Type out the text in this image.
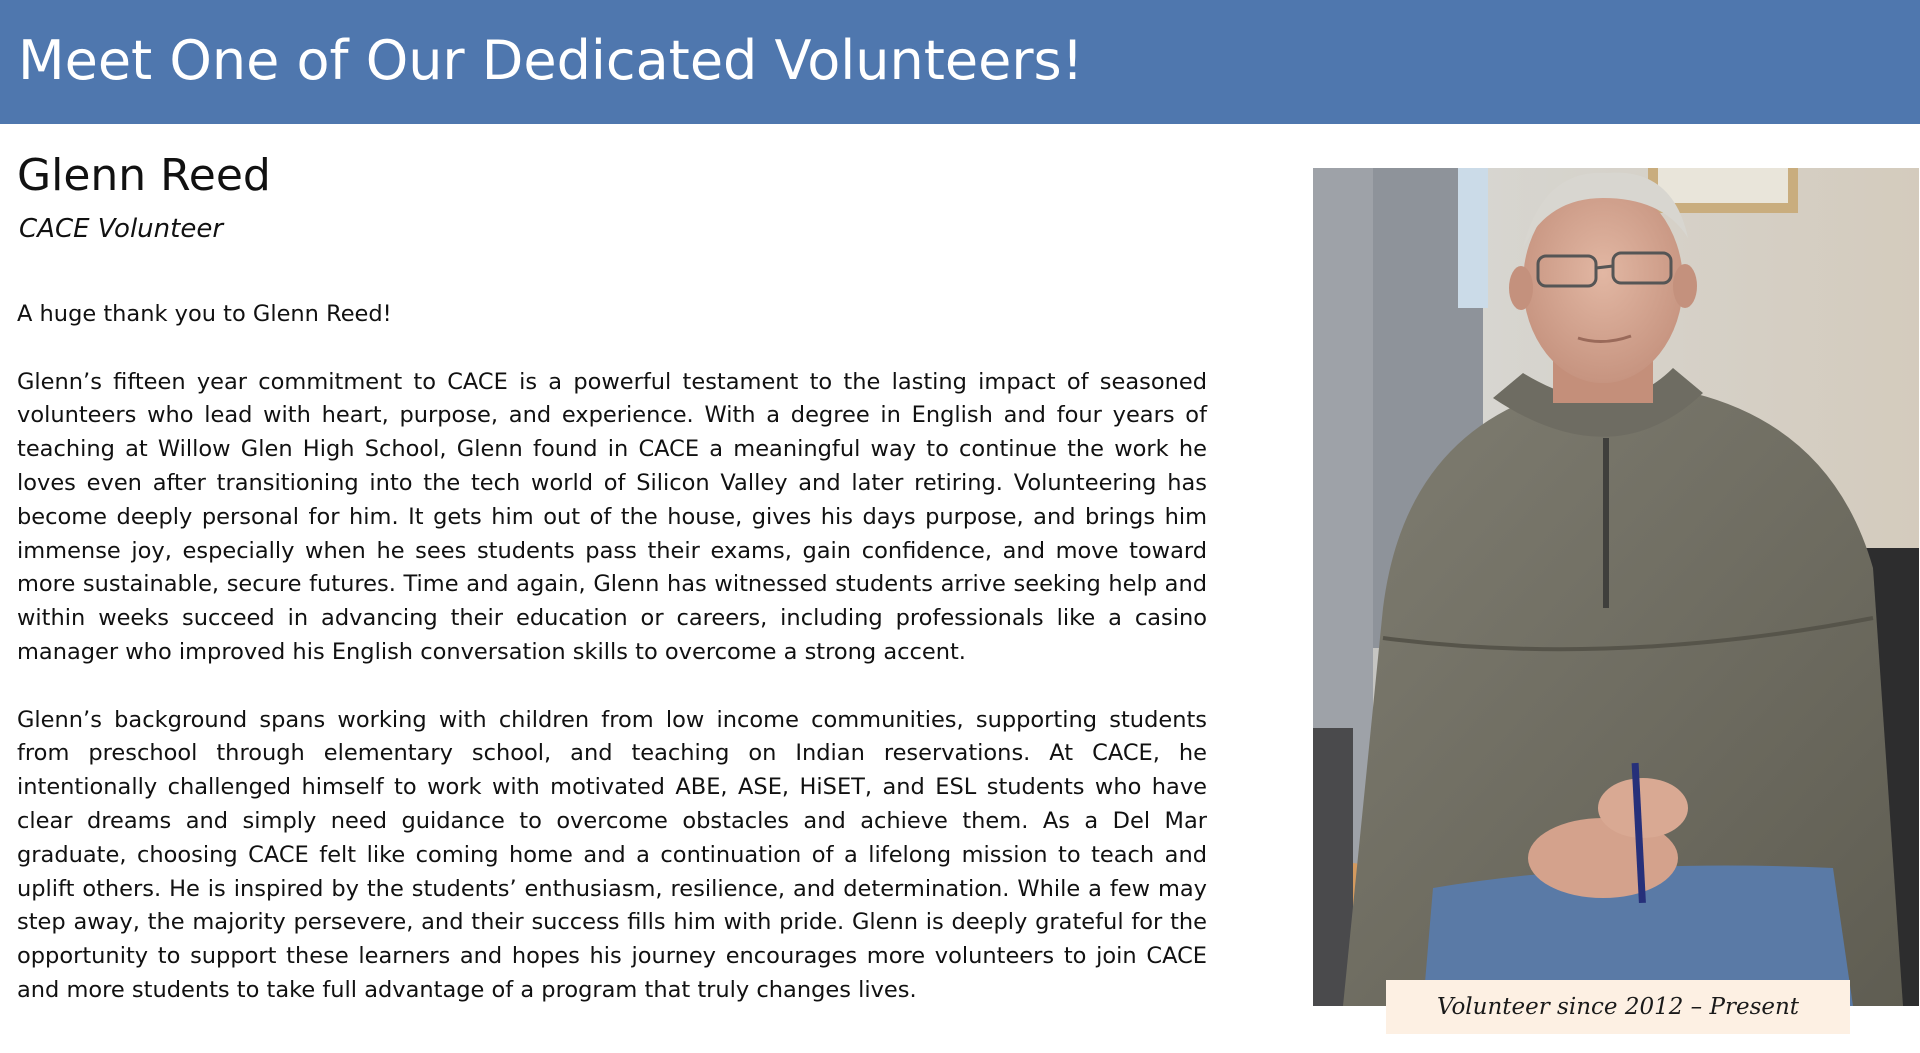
Meet One of Our Dedicated Volunteers!
Glenn Reed
CACE Volunteer

A huge thank you to Glenn Reed!

Glenn’s fifteen year commitment to CACE is a powerful testament to the lasting impact of seasoned volunteers who lead with heart, purpose, and experience. With a degree in English and four years of teaching at Willow Glen High School, Glenn found in CACE a meaningful way to continue the work he loves even after transitioning into the tech world of Silicon Valley and later retiring. Volunteering has become deeply personal for him. It gets him out of the house, gives his days purpose, and brings him immense joy, especially when he sees students pass their exams, gain confidence, and move toward more sustainable, secure futures. Time and again, Glenn has witnessed students arrive seeking help and within weeks succeed in advancing their education or careers, including professionals like a casino manager who improved his English conversation skills to overcome a strong accent.

Glenn’s background spans working with children from low income communities, supporting students from preschool through elementary school, and teaching on Indian reservations. At CACE, he intentionally challenged himself to work with motivated ABE, ASE, HiSET, and ESL students who have clear dreams and simply need guidance to overcome obstacles and achieve them. As a Del Mar graduate, choosing CACE felt like coming home and a continuation of a lifelong mission to teach and uplift others. He is inspired by the students’ enthusiasm, resilience, and determination. While a few may step away, the majority persevere, and their success fills him with pride. Glenn is deeply grateful for the opportunity to support these learners and hopes his journey encourages more volunteers to join CACE and more students to take full advantage of a program that truly changes lives.

Volunteer since 2012 – Present
